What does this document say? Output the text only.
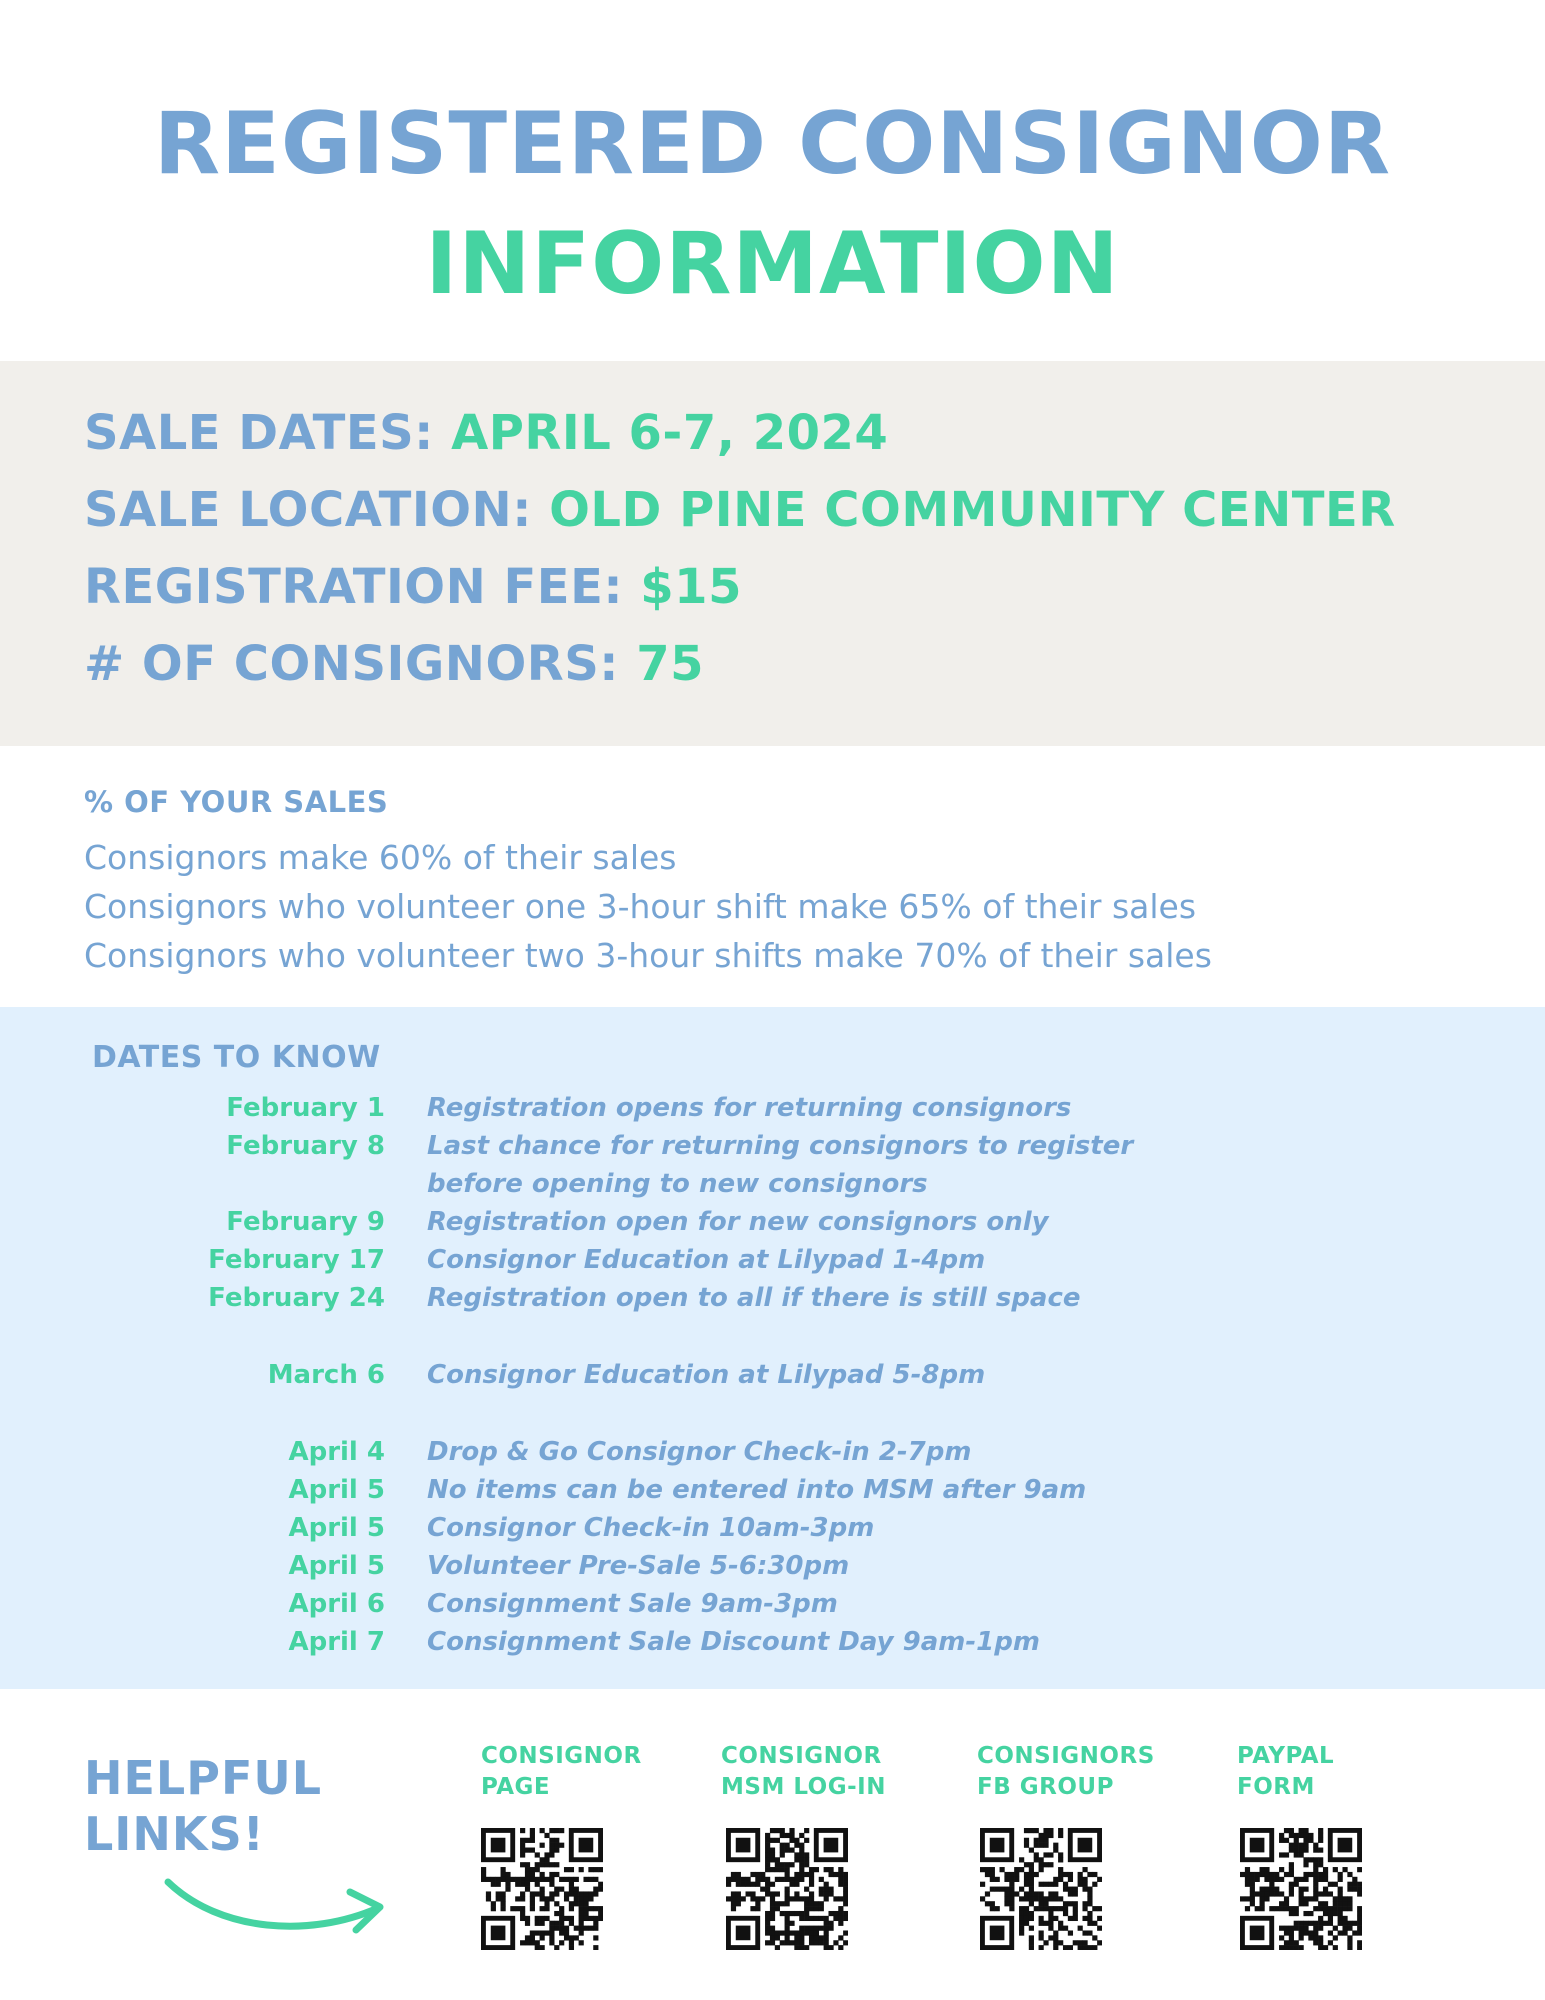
REGISTERED CONSIGNOR
INFORMATION
SALE DATES: APRIL 6-7, 2024
SALE LOCATION: OLD PINE COMMUNITY CENTER
REGISTRATION FEE: $15
# OF CONSIGNORS: 75
% OF YOUR SALES
Consignors make 60% of their sales
Consignors who volunteer one 3-hour shift make 65% of their sales
Consignors who volunteer two 3-hour shifts make 70% of their sales
DATES TO KNOW
February 1 Registration opens for returning consignors
February 8 Last chance for returning consignors to register
before opening to new consignors
February 9 Registration open for new consignors only
February 17 Consignor Education at Lilypad 1-4pm
February 24 Registration open to all if there is still space
March 6 Consignor Education at Lilypad 5-8pm
April 4 Drop & Go Consignor Check-in 2-7pm
April 5 No items can be entered into MSM after 9am
April 5 Consignor Check-in 10am-3pm
April 5 Volunteer Pre-Sale 5-6:30pm
April 6 Consignment Sale 9am-3pm
April 7 Consignment Sale Discount Day 9am-1pm
HELPFUL
LINKS!
CONSIGNOR
PAGE
CONSIGNOR
MSM LOG-IN
CONSIGNORS
FB GROUP
PAYPAL
FORM
